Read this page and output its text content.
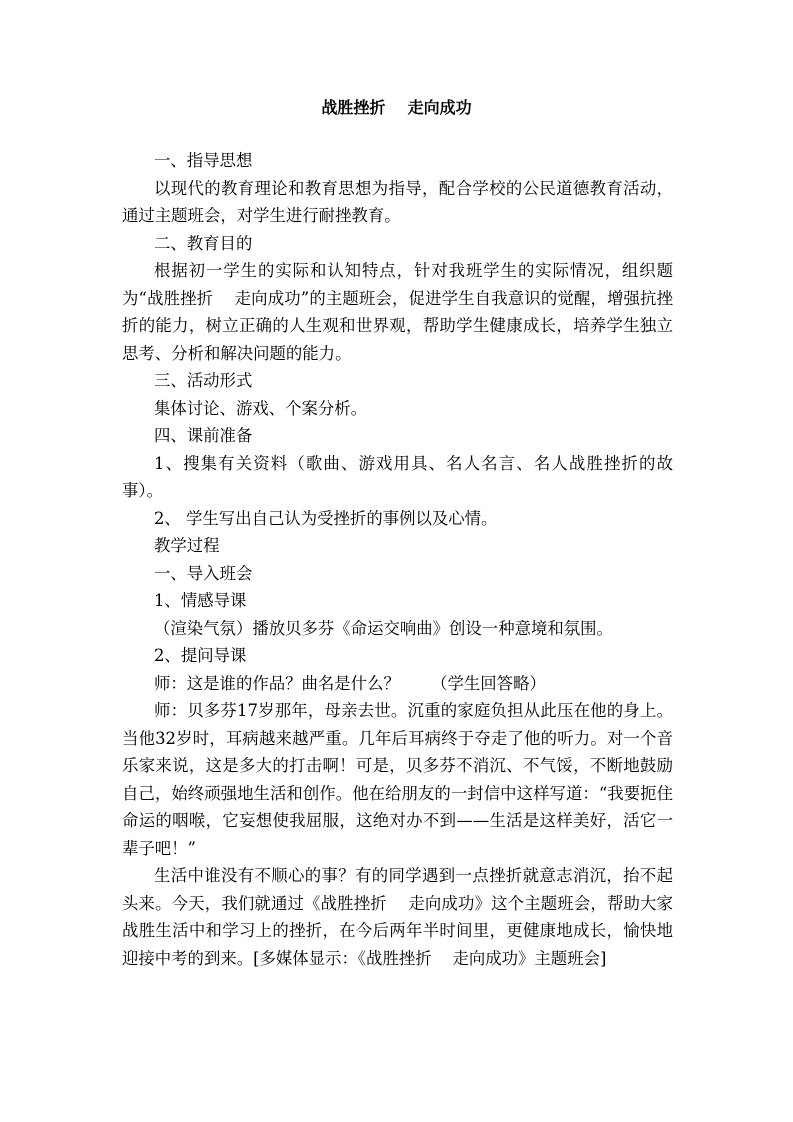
战胜挫折    走向成功

一、指导思想

以现代的教育理论和教育思想为指导，配合学校的公民道德教育活动，通过主题班会，对学生进行耐挫教育。

二、教育目的

根据初一学生的实际和认知特点，针对我班学生的实际情况，组织题为“战胜挫折    走向成功”的主题班会，促进学生自我意识的觉醒，增强抗挫折的能力，树立正确的人生观和世界观，帮助学生健康成长，培养学生独立思考、分析和解决问题的能力。

三、活动形式

集体讨论、游戏、个案分析。

四、课前准备

1、搜集有关资料（歌曲、游戏用具、名人名言、名人战胜挫折的故事）。

2、 学生写出自己认为受挫折的事例以及心情。

教学过程

一、导入班会

1、情感导课

（渲染气氛）播放贝多芬《命运交响曲》创设一种意境和氛围。

2、提问导课

师：这是谁的作品？曲名是什么？      （学生回答略）

师：贝多芬17岁那年，母亲去世。沉重的家庭负担从此压在他的身上。当他32岁时，耳病越来越严重。几年后耳病终于夺走了他的听力。对一个音乐家来说，这是多大的打击啊！可是，贝多芬不消沉、不气馁，不断地鼓励自己，始终顽强地生活和创作。他在给朋友的一封信中这样写道：“我要扼住命运的咽喉，它妄想使我屈服，这绝对办不到——生活是这样美好，活它一辈子吧！”

生活中谁没有不顺心的事？有的同学遇到一点挫折就意志消沉，抬不起头来。今天，我们就通过《战胜挫折    走向成功》这个主题班会，帮助大家战胜生活中和学习上的挫折，在今后两年半时间里，更健康地成长，愉快地迎接中考的到来。[多媒体显示：《战胜挫折    走向成功》主题班会]
